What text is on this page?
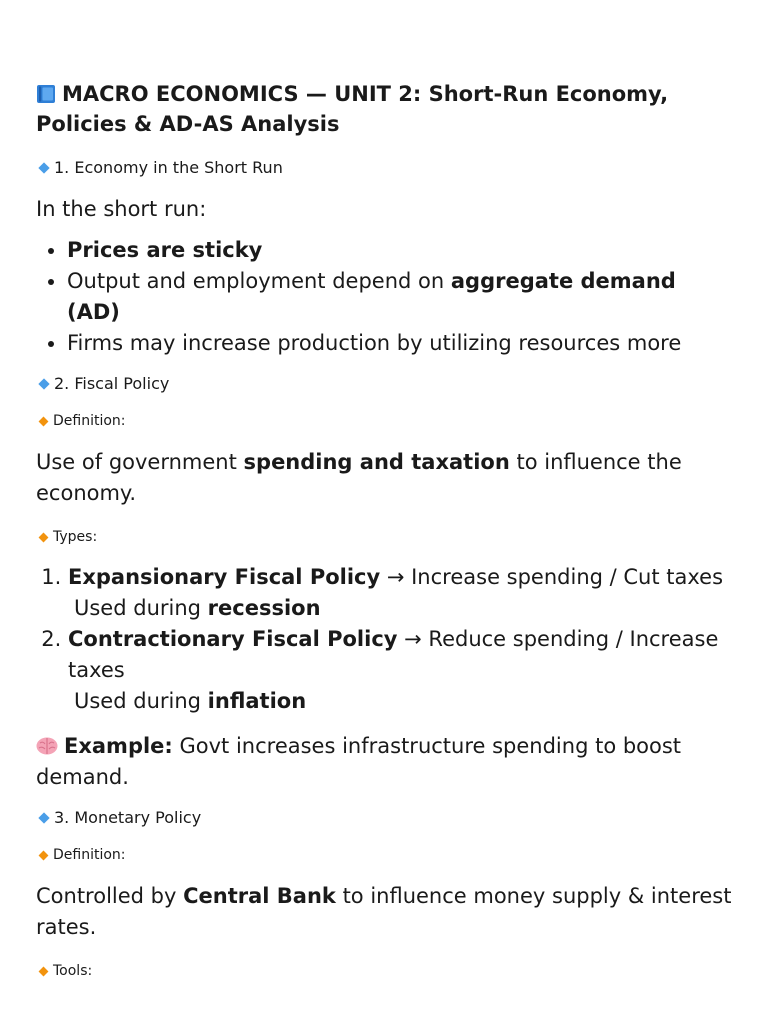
MACRO ECONOMICS — UNIT 2: Short-Run Economy, Policies & AD-AS Analysis

1. Economy in the Short Run

In the short run:

• Prices are sticky
• Output and employment depend on aggregate demand (AD)
• Firms may increase production by utilizing resources more

2. Fiscal Policy

Definition:

Use of government spending and taxation to influence the economy.

Types:

1. Expansionary Fiscal Policy → Increase spending / Cut taxes
Used during recession
2. Contractionary Fiscal Policy → Reduce spending / Increase taxes
Used during inflation

Example: Govt increases infrastructure spending to boost demand.

3. Monetary Policy

Definition:

Controlled by Central Bank to influence money supply & interest rates.

Tools:
